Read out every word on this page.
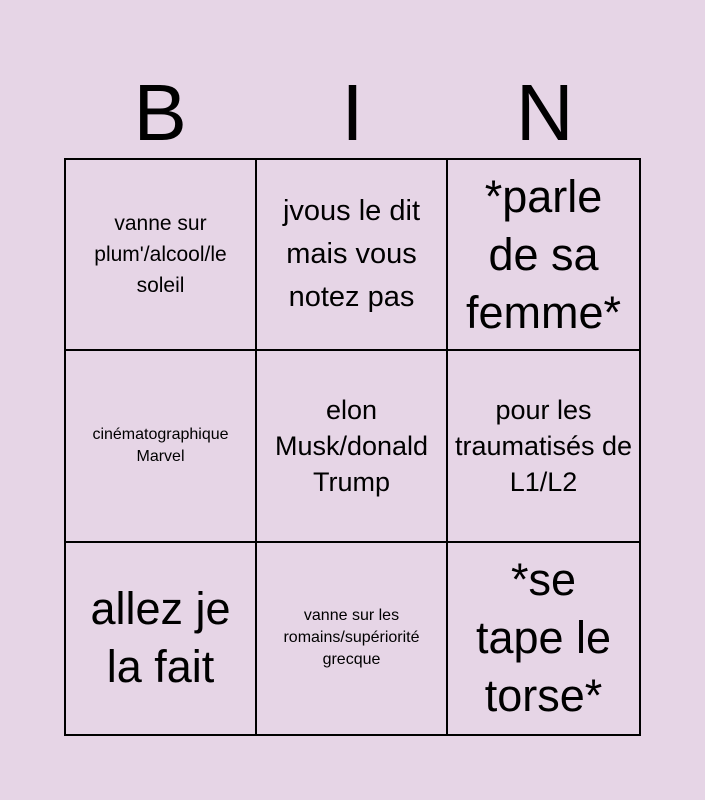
B	I	N
vanne sur plum'/alcool/le soleil
jvous le dit mais vous notez pas
*parle de sa femme*
cinématographique Marvel
elon Musk/donald Trump
pour les traumatisés de L1/L2
allez je la fait
vanne sur les romains/supériorité grecque
*se tape le torse*
